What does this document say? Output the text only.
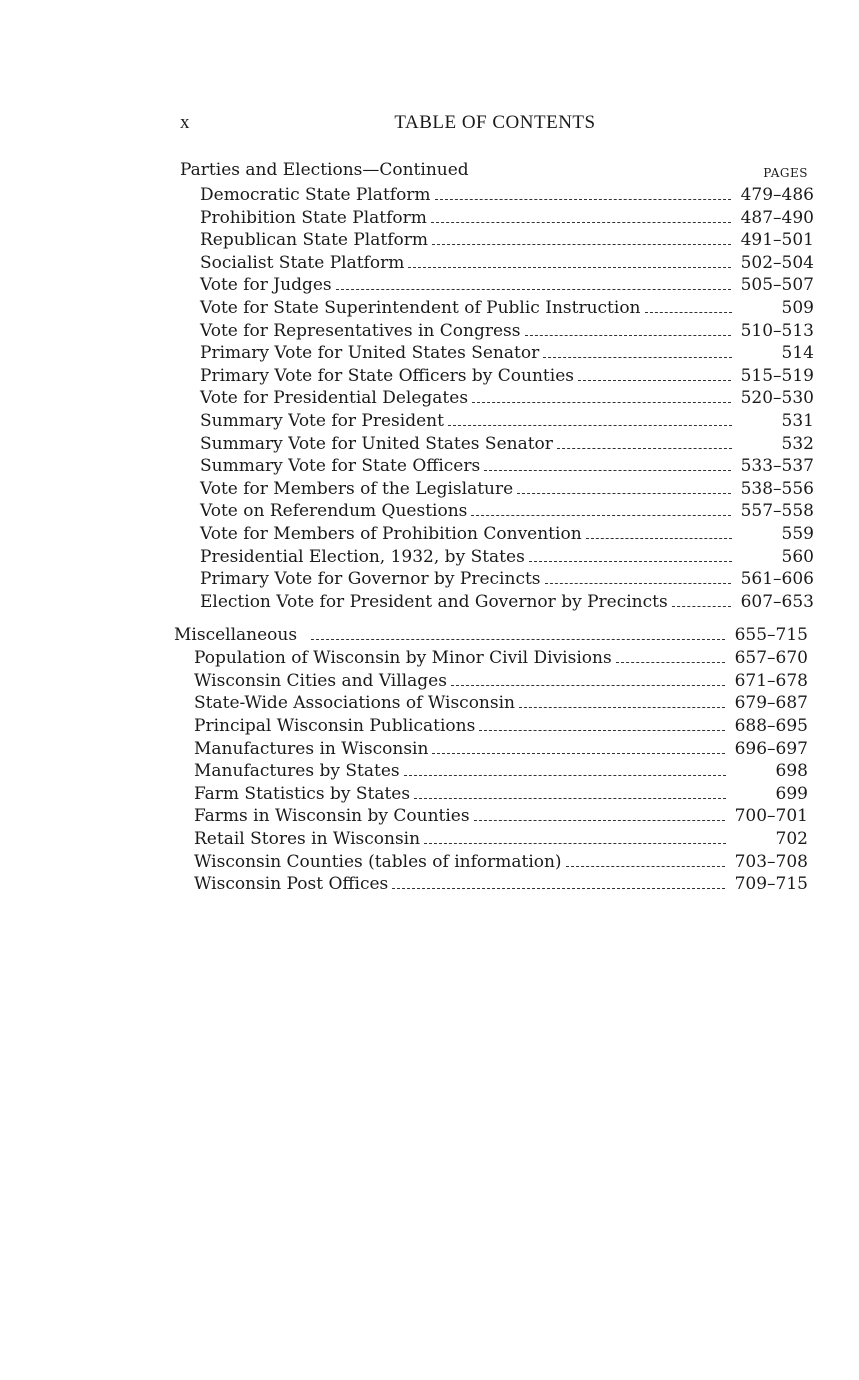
x	TABLE OF CONTENTS
Parties and Elections—Continued	PAGES
Democratic State Platform	479–486
Prohibition State Platform	487–490
Republican State Platform	491–501
Socialist State Platform	502–504
Vote for Judges	505–507
Vote for State Superintendent of Public Instruction	509
Vote for Representatives in Congress	510–513
Primary Vote for United States Senator	514
Primary Vote for State Officers by Counties	515–519
Vote for Presidential Delegates	520–530
Summary Vote for President	531
Summary Vote for United States Senator	532
Summary Vote for State Officers	533–537
Vote for Members of the Legislature	538–556
Vote on Referendum Questions	557–558
Vote for Members of Prohibition Convention	559
Presidential Election, 1932, by States	560
Primary Vote for Governor by Precincts	561–606
Election Vote for President and Governor by Precincts	607–653
Miscellaneous	655–715
Population of Wisconsin by Minor Civil Divisions	657–670
Wisconsin Cities and Villages	671–678
State-Wide Associations of Wisconsin	679–687
Principal Wisconsin Publications	688–695
Manufactures in Wisconsin	696–697
Manufactures by States	698
Farm Statistics by States	699
Farms in Wisconsin by Counties	700–701
Retail Stores in Wisconsin	702
Wisconsin Counties (tables of information)	703–708
Wisconsin Post Offices	709–715
